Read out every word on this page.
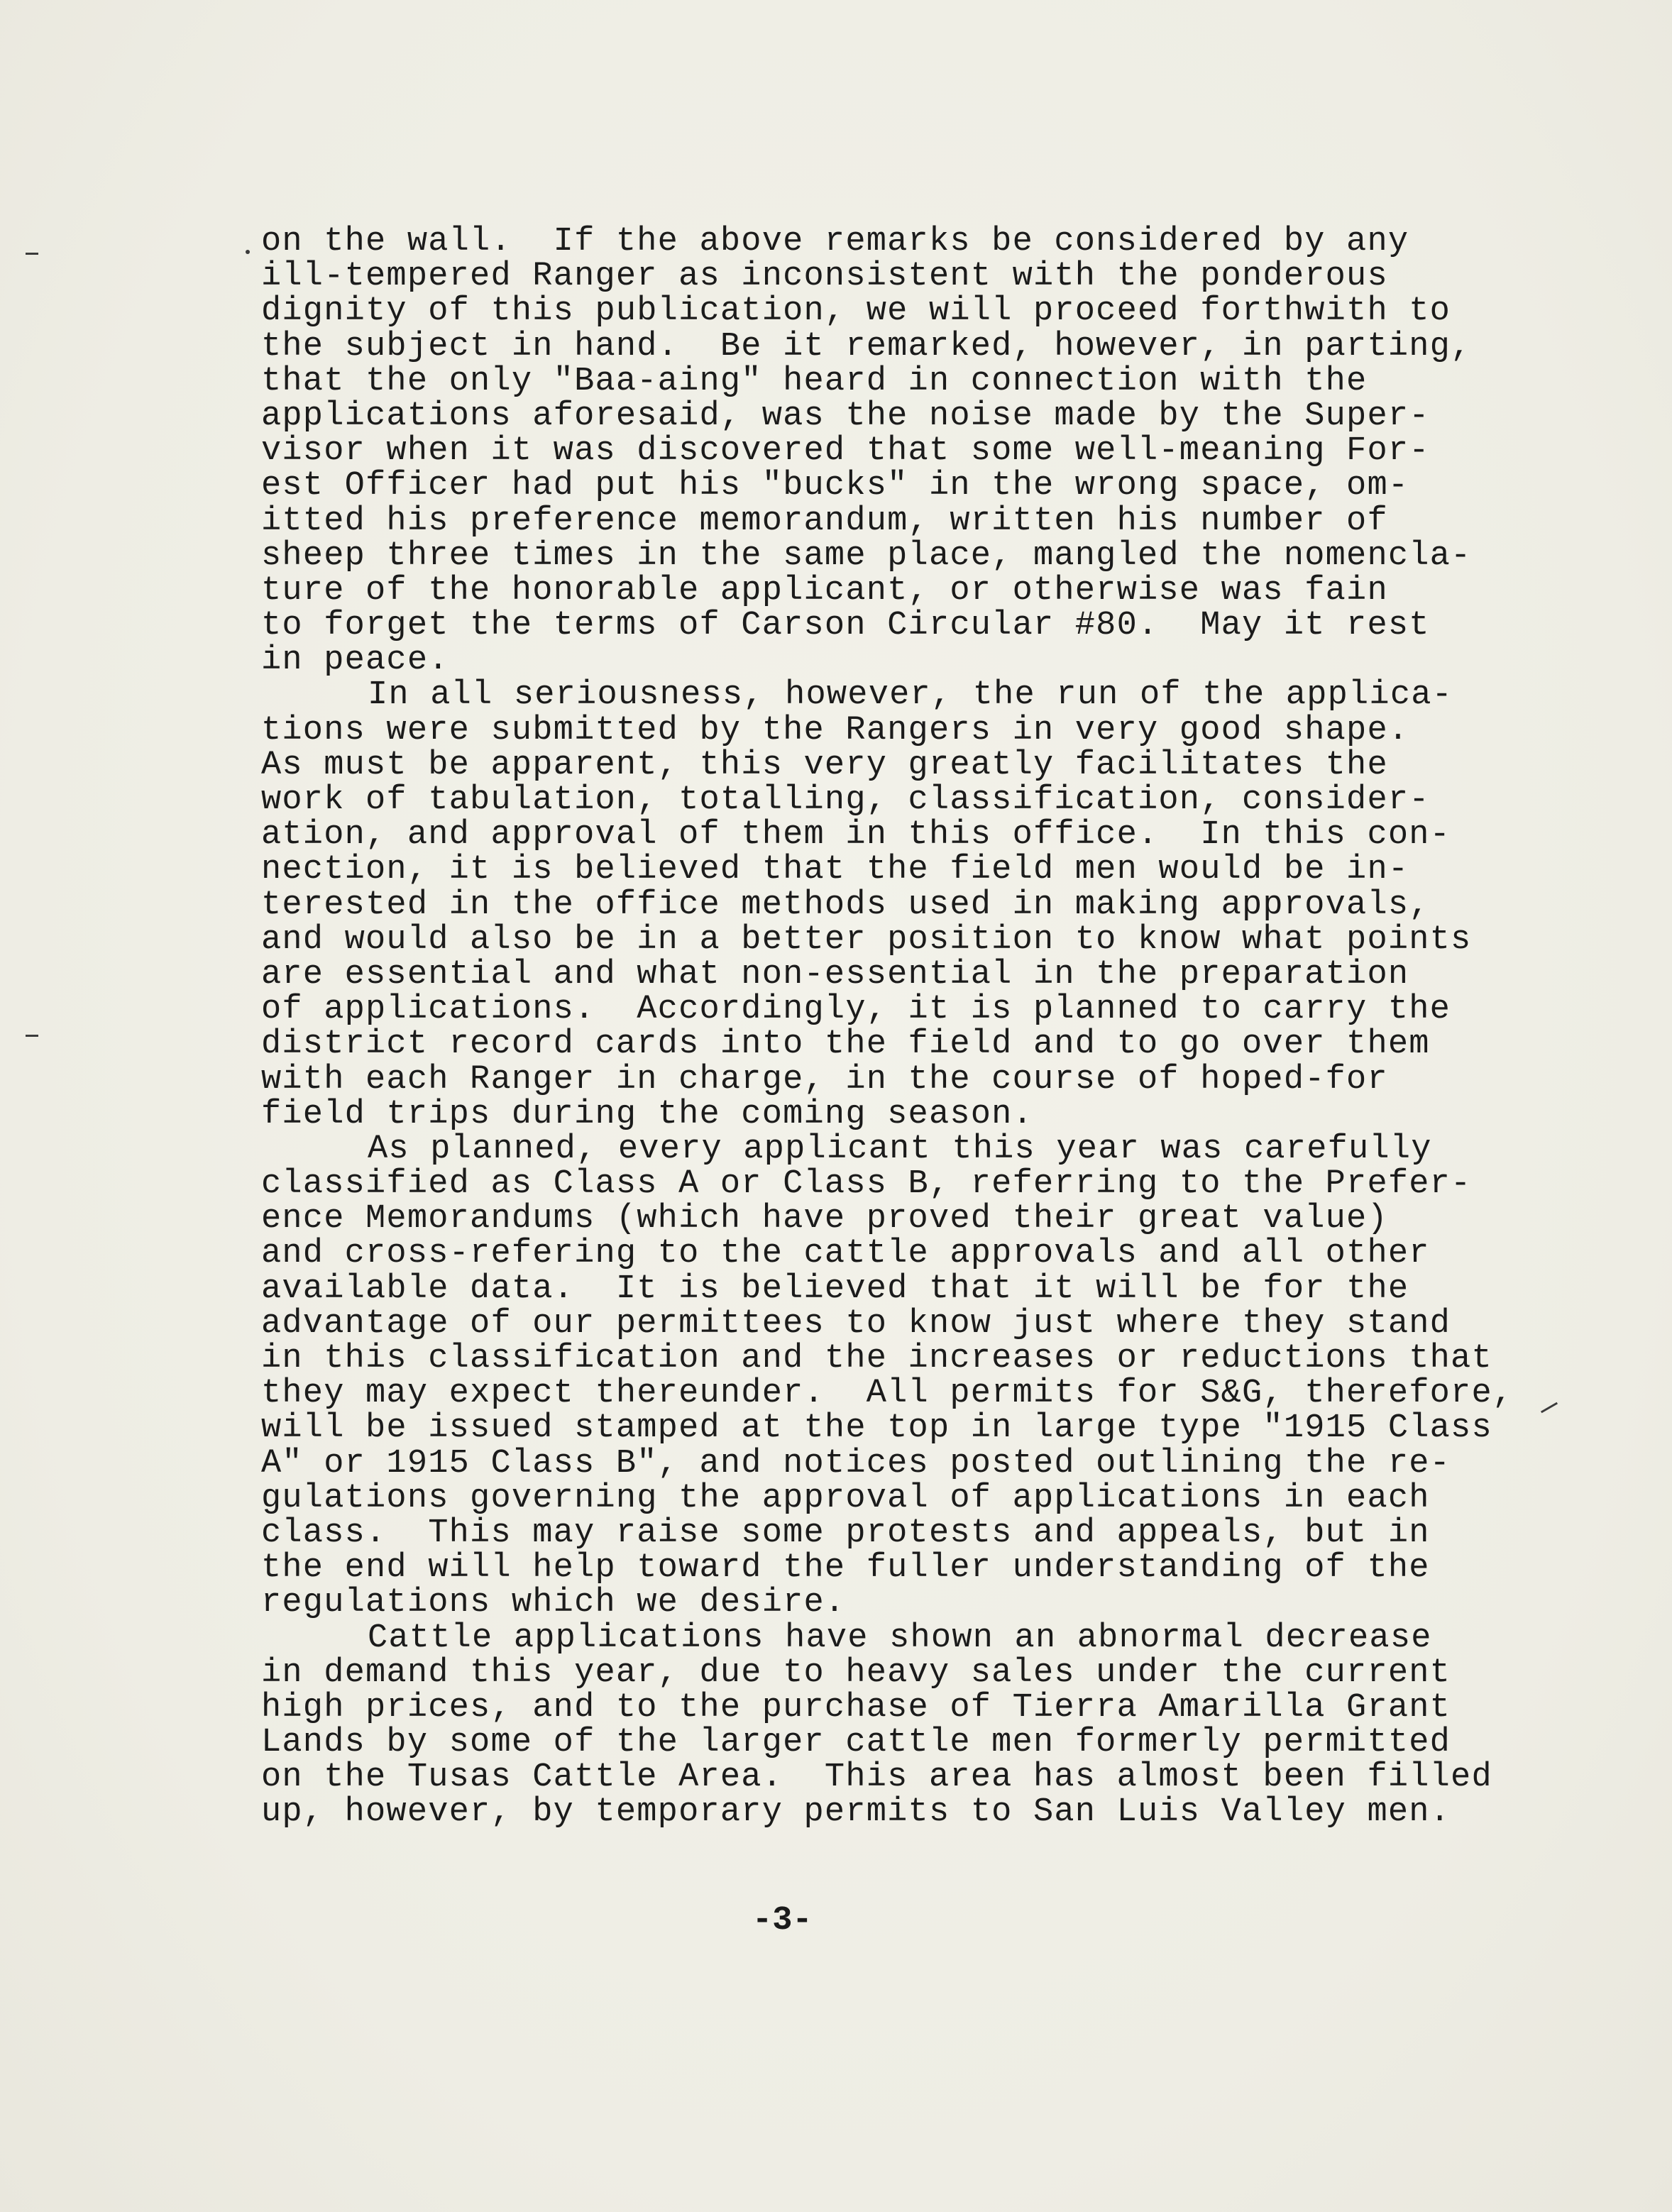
on the wall.  If the above remarks be considered by any
ill-tempered Ranger as inconsistent with the ponderous
dignity of this publication, we will proceed forthwith to
the subject in hand.  Be it remarked, however, in parting,
that the only "Baa-aing" heard in connection with the
applications aforesaid, was the noise made by the Super-
visor when it was discovered that some well-meaning For-
est Officer had put his "bucks" in the wrong space, om-
itted his preference memorandum, written his number of
sheep three times in the same place, mangled the nomencla-
ture of the honorable applicant, or otherwise was fain
to forget the terms of Carson Circular #80.  May it rest
in peace.
In all seriousness, however, the run of the applica-
tions were submitted by the Rangers in very good shape.
As must be apparent, this very greatly facilitates the
work of tabulation, totalling, classification, consider-
ation, and approval of them in this office.  In this con-
nection, it is believed that the field men would be in-
terested in the office methods used in making approvals,
and would also be in a better position to know what points
are essential and what non-essential in the preparation
of applications.  Accordingly, it is planned to carry the
district record cards into the field and to go over them
with each Ranger in charge, in the course of hoped-for
field trips during the coming season.
As planned, every applicant this year was carefully
classified as Class A or Class B, referring to the Prefer-
ence Memorandums (which have proved their great value)
and cross-refering to the cattle approvals and all other
available data.  It is believed that it will be for the
advantage of our permittees to know just where they stand
in this classification and the increases or reductions that
they may expect thereunder.  All permits for S&G, therefore,
will be issued stamped at the top in large type "1915 Class
A" or 1915 Class B", and notices posted outlining the re-
gulations governing the approval of applications in each
class.  This may raise some protests and appeals, but in
the end will help toward the fuller understanding of the
regulations which we desire.
Cattle applications have shown an abnormal decrease
in demand this year, due to heavy sales under the current
high prices, and to the purchase of Tierra Amarilla Grant
Lands by some of the larger cattle men formerly permitted
on the Tusas Cattle Area.  This area has almost been filled
up, however, by temporary permits to San Luis Valley men.
-3-
